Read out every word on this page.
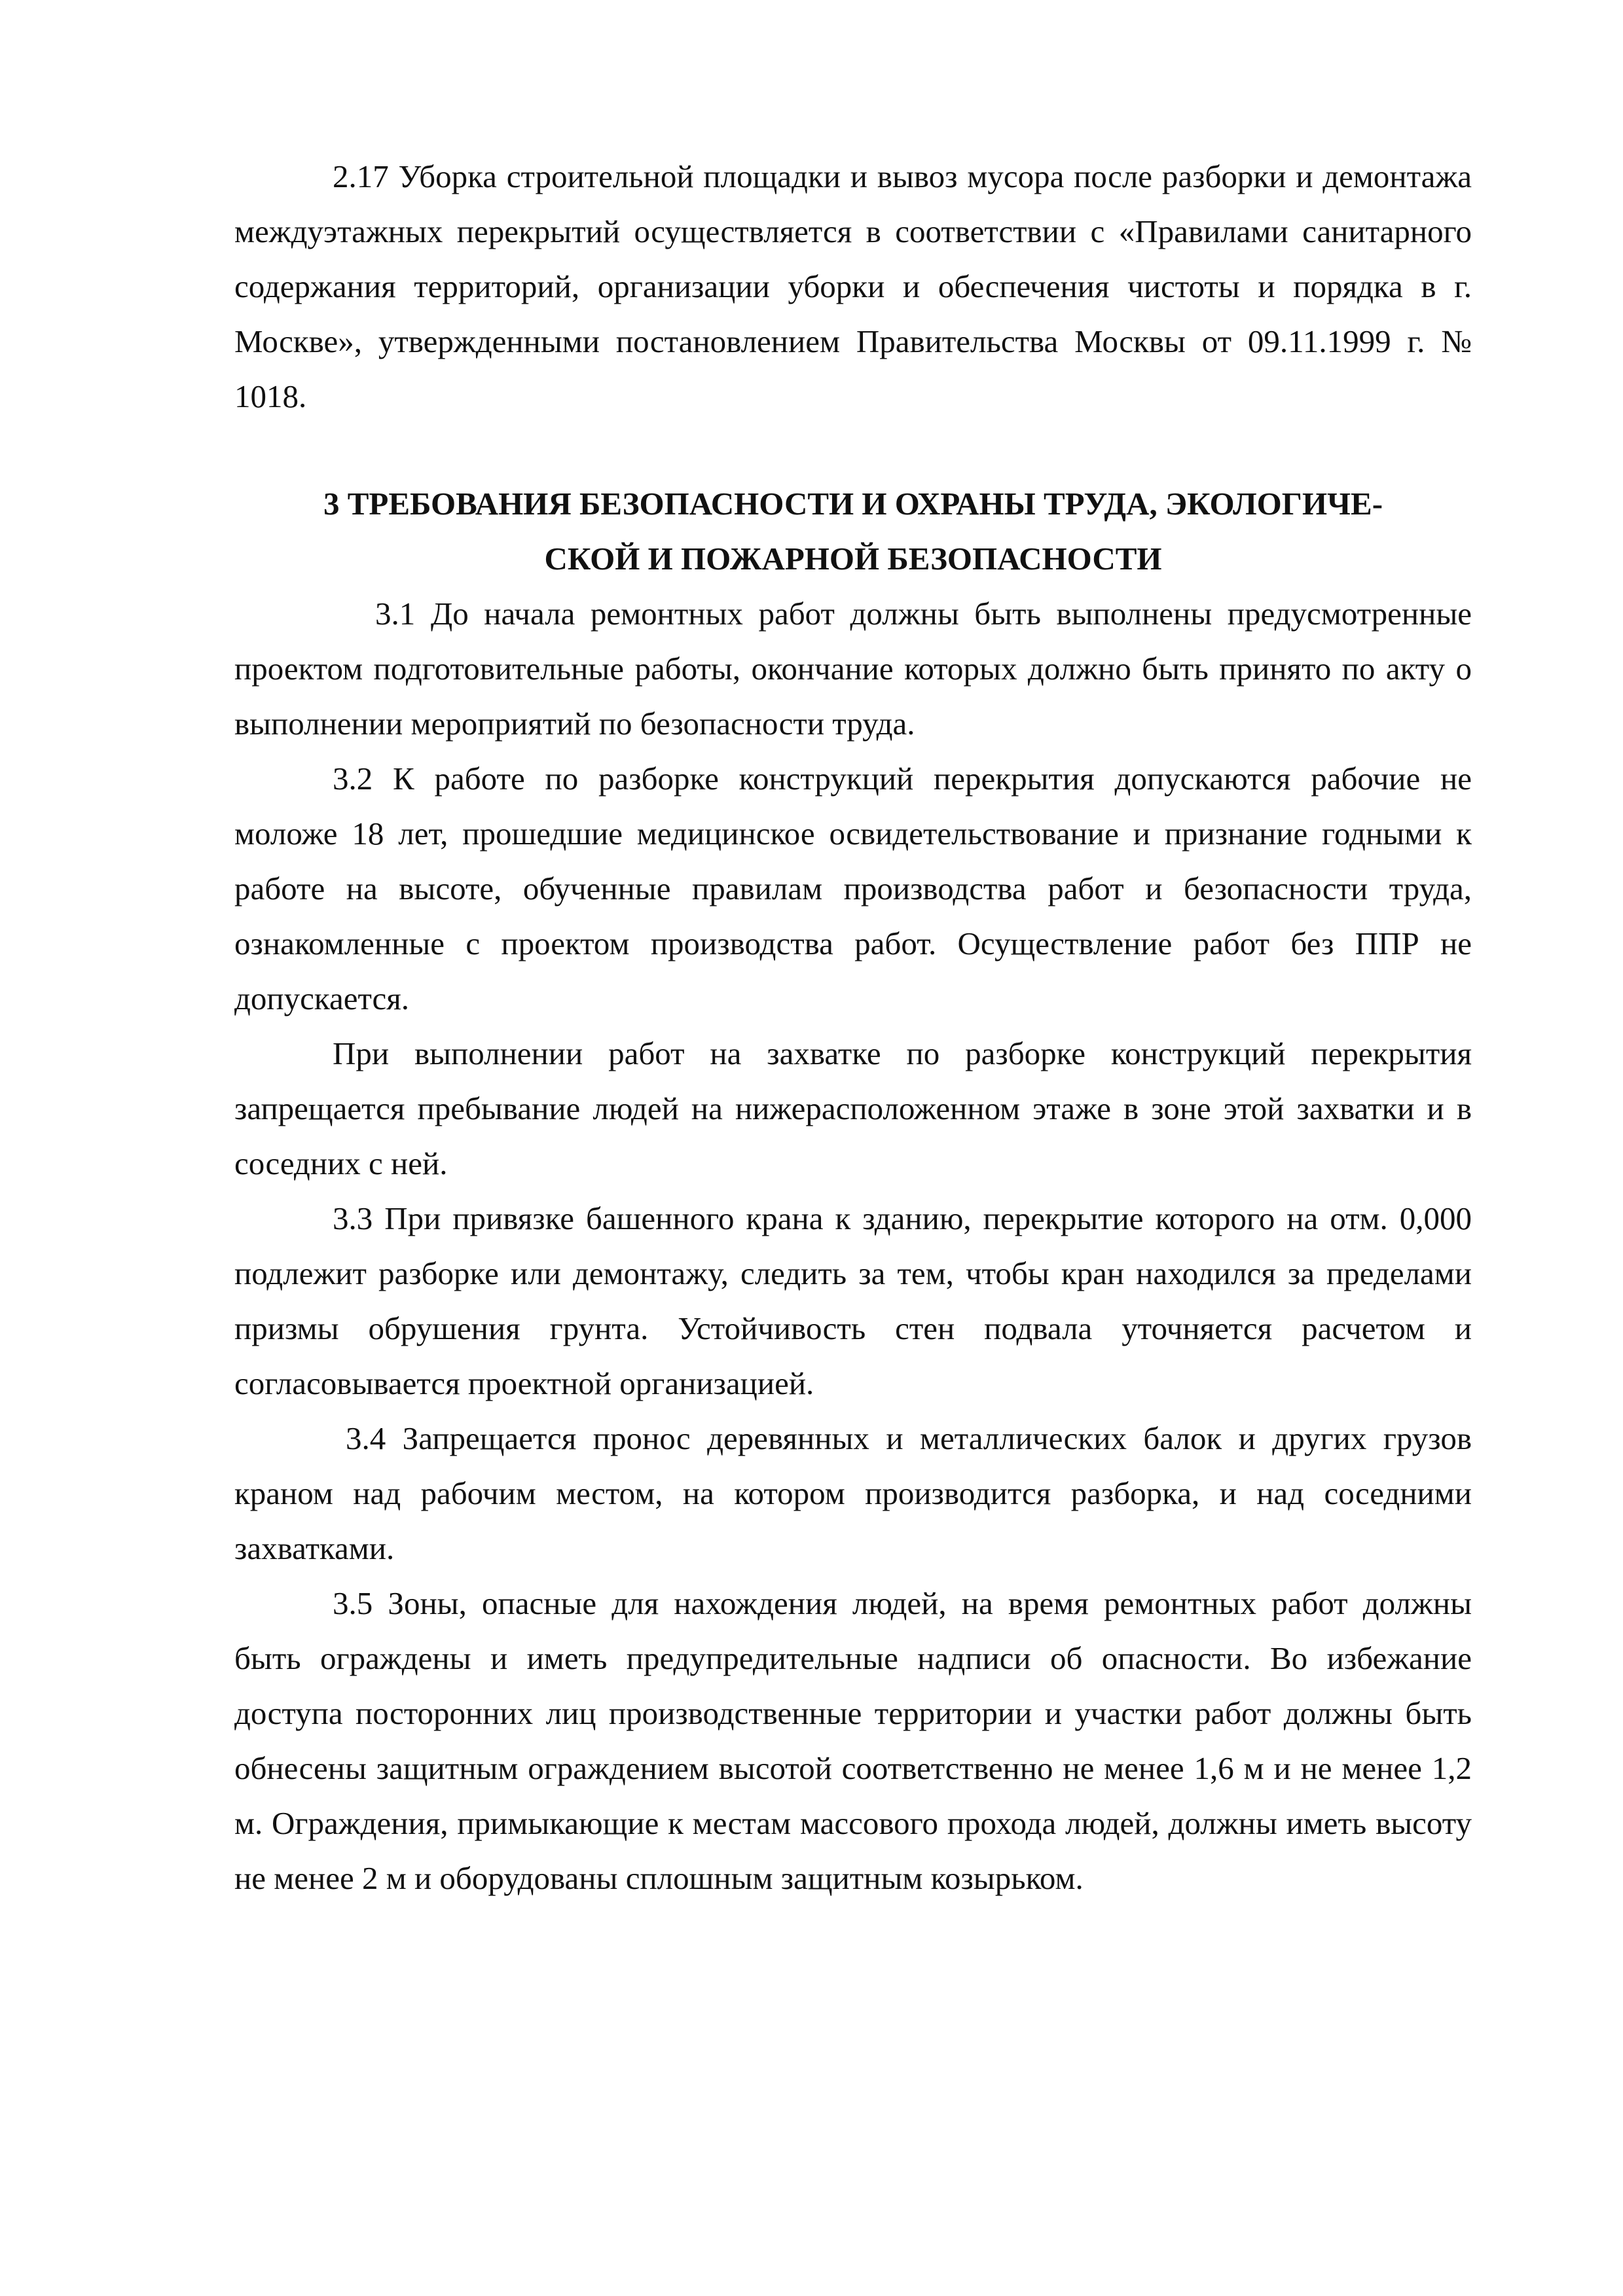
2.17 Уборка строительной площадки и вывоз мусора после разборки и демонтажа междуэтажных перекрытий осуществляется в соответствии с «Правилами санитарного содержания территорий, организации уборки и обеспечения чистоты и порядка в г. Москве», утвержденными постановлением Правительства Москвы от 09.11.1999 г. № 1018.

3 ТРЕБОВАНИЯ БЕЗОПАСНОСТИ И ОХРАНЫ ТРУДА, ЭКОЛОГИЧЕ-
СКОЙ И ПОЖАРНОЙ БЕЗОПАСНОСТИ

3.1 До начала ремонтных работ должны быть выполнены предусмотренные проектом подготовительные работы, окончание которых должно быть принято по акту о выполнении мероприятий по безопасности труда.

3.2 К работе по разборке конструкций перекрытия допускаются рабочие не моложе 18 лет, прошедшие медицинское освидетельствование и признание годными к работе на высоте, обученные правилам производства работ и безопасности труда, ознакомленные с проектом производства работ. Осуществление работ без ППР не допускается.

При выполнении работ на захватке по разборке конструкций перекрытия запрещается пребывание людей на нижерасположенном этаже в зоне этой захватки и в соседних с ней.

3.3 При привязке башенного крана к зданию, перекрытие которого на отм. 0,000 подлежит разборке или демонтажу, следить за тем, чтобы кран находился за пределами призмы обрушения грунта. Устойчивость стен подвала уточняется расчетом и согласовывается проектной организацией.

3.4 Запрещается пронос деревянных и металлических балок и других грузов краном над рабочим местом, на котором производится разборка, и над соседними захватками.

3.5 Зоны, опасные для нахождения людей, на время ремонтных работ должны быть ограждены и иметь предупредительные надписи об опасности. Во избежание доступа посторонних лиц производственные территории и участки работ должны быть обнесены защитным ограждением высотой соответственно не менее 1,6 м и не менее 1,2 м. Ограждения, примыкающие к местам массового прохода людей, должны иметь высоту не менее 2 м и оборудованы сплошным защитным козырьком.
